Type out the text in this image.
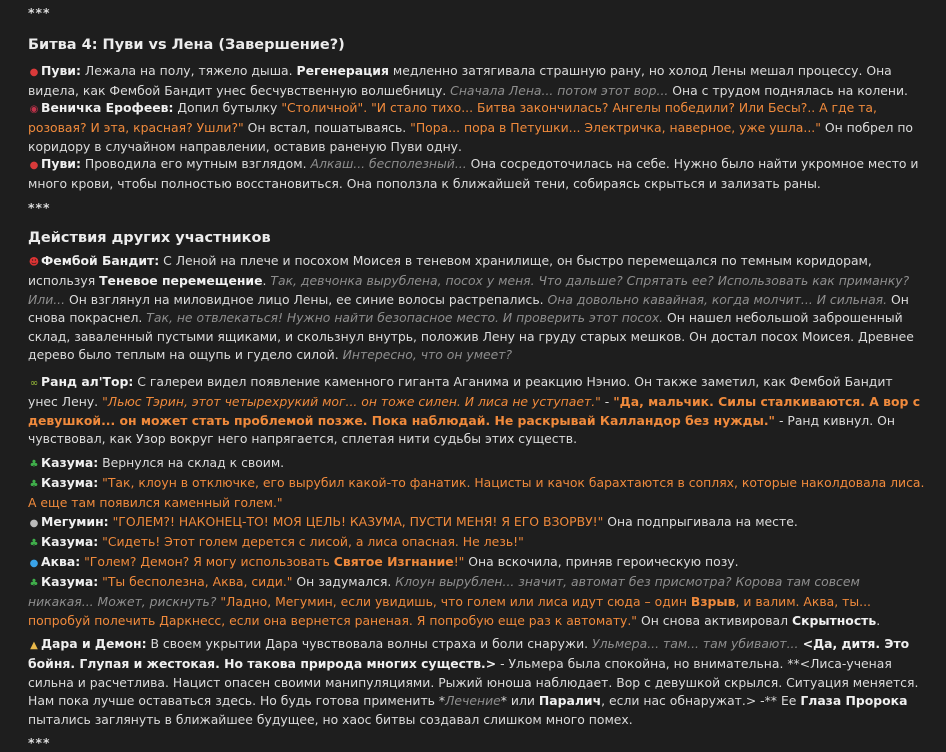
***
Битва 4: Пуви vs Лена (Завершение?)
● Пуви: Лежала на полу, тяжело дыша. Регенерация медленно затягивала страшную рану, но холод Лены мешал процессу. Она видела, как Фембой Бандит унес бесчувственную волшебницу. Сначала Лена... потом этот вор... Она с трудом поднялась на колени.
◉ Веничка Ерофеев: Допил бутылку "Столичной". "И стало тихо... Битва закончилась? Ангелы победили? Или Бесы?.. А где та, розовая? И эта, красная? Ушли?" Он встал, пошатываясь. "Пора... пора в Петушки... Электричка, наверное, уже ушла..." Он побрел по коридору в случайном направлении, оставив раненую Пуви одну.
● Пуви: Проводила его мутным взглядом. Алкаш... бесполезный... Она сосредоточилась на себе. Нужно было найти укромное место и много крови, чтобы полностью восстановиться. Она поползла к ближайшей тени, собираясь скрыться и зализать раны.
***
Действия других участников
☻ Фембой Бандит: С Леной на плече и посохом Моисея в теневом хранилище, он быстро перемещался по темным коридорам, используя Теневое перемещение. Так, девчонка вырублена, посох у меня. Что дальше? Спрятать ее? Использовать как приманку? Или... Он взглянул на миловидное лицо Лены, ее синие волосы растрепались. Она довольно кавайная, когда молчит... И сильная. Он снова покраснел. Так, не отвлекаться! Нужно найти безопасное место. И проверить этот посох. Он нашел небольшой заброшенный склад, заваленный пустыми ящиками, и скользнул внутрь, положив Лену на груду старых мешков. Он достал посох Моисея. Древнее дерево было теплым на ощупь и гудело силой. Интересно, что он умеет?
∞ Ранд ал'Тор: С галереи видел появление каменного гиганта Аганима и реакцию Нэнио. Он также заметил, как Фембой Бандит унес Лену. "Льюс Тэрин, этот четырехрукий мог... он тоже силен. И лиса не уступает." - "Да, мальчик. Силы сталкиваются. А вор с девушкой... он может стать проблемой позже. Пока наблюдай. Не раскрывай Калландор без нужды." - Ранд кивнул. Он чувствовал, как Узор вокруг него напрягается, сплетая нити судьбы этих существ.
♣ Казума: Вернулся на склад к своим.
♣ Казума: "Так, клоун в отключке, его вырубил какой-то фанатик. Нацисты и качок барахтаются в соплях, которые наколдовала лиса. А еще там появился каменный голем."
● Мегумин: "ГОЛЕМ?! НАКОНЕЦ-ТО! МОЯ ЦЕЛЬ! КАЗУМА, ПУСТИ МЕНЯ! Я ЕГО ВЗОРВУ!" Она подпрыгивала на месте.
♣ Казума: "Сидеть! Этот голем дерется с лисой, а лиса опасная. Не лезь!"
● Аква: "Голем? Демон? Я могу использовать Святое Изгнание!" Она вскочила, приняв героическую позу.
♣ Казума: "Ты бесполезна, Аква, сиди." Он задумался. Клоун вырублен... значит, автомат без присмотра? Корова там совсем никакая... Может, рискнуть? "Ладно, Мегумин, если увидишь, что голем или лиса идут сюда – один Взрыв, и валим. Аква, ты... попробуй полечить Даркнесс, если она вернется раненая. Я попробую еще раз к автомату." Он снова активировал Скрытность.
▲ Дара и Демон: В своем укрытии Дара чувствовала волны страха и боли снаружи. Ульмера... там... там убивают... <Да, дитя. Это бойня. Глупая и жестокая. Но такова природа многих существ.> - Ульмера была спокойна, но внимательна. **<Лиса-ученая сильна и расчетлива. Нацист опасен своими манипуляциями. Рыжий юноша наблюдает. Вор с девушкой скрылся. Ситуация меняется. Нам пока лучше оставаться здесь. Но будь готова применить *Лечение* или Паралич, если нас обнаружат.> -** Ее Глаза Пророка пытались заглянуть в ближайшее будущее, но хаос битвы создавал слишком много помех.
***
